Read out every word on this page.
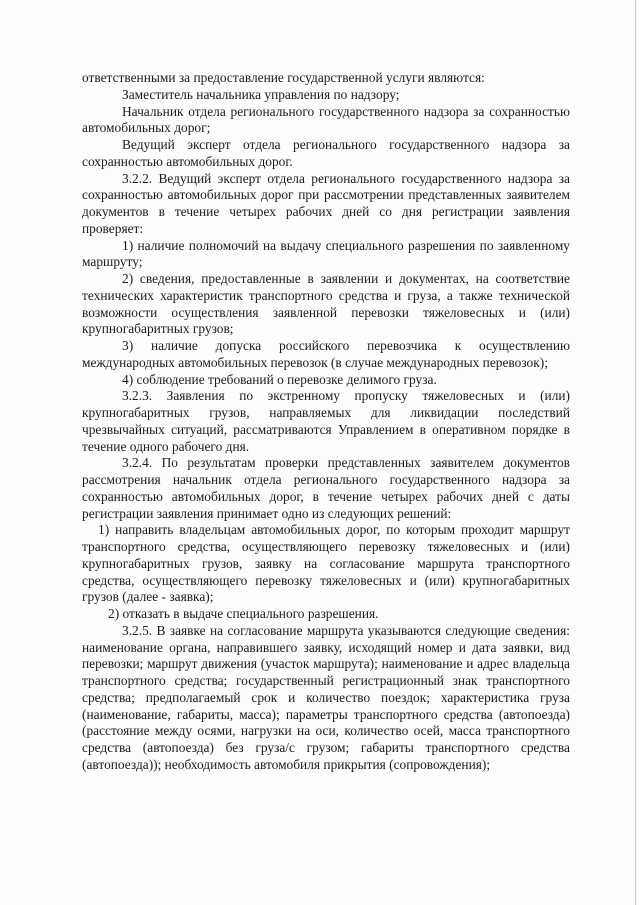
ответственными за предоставление государственной услуги являются:

Заместитель начальника управления по надзору;

Начальник отдела регионального государственного надзора за сохранностью автомобильных дорог;

Ведущий эксперт отдела регионального государственного надзора за сохранностью автомобильных дорог.

3.2.2. Ведущий эксперт отдела регионального государственного надзора за сохранностью автомобильных дорог при рассмотрении представленных заявителем документов в течение четырех рабочих дней со дня регистрации заявления проверяет:

1) наличие полномочий на выдачу специального разрешения по заявленному маршруту;

2) сведения, предоставленные в заявлении и документах, на соответствие технических характеристик транспортного средства и груза, а также технической возможности осуществления заявленной перевозки тяжеловесных и (или) крупногабаритных грузов;

3) наличие допуска российского перевозчика к осуществлению международных автомобильных перевозок (в случае международных перевозок);

4) соблюдение требований о перевозке делимого груза.

3.2.3. Заявления по экстренному пропуску тяжеловесных и (или) крупногабаритных грузов, направляемых для ликвидации последствий чрезвычайных ситуаций, рассматриваются Управлением в оперативном порядке в течение одного рабочего дня.

3.2.4. По результатам проверки представленных заявителем документов рассмотрения начальник отдела регионального государственного надзора за сохранностью автомобильных дорог, в течение четырех рабочих дней с даты регистрации заявления принимает одно из следующих решений:

1) направить владельцам автомобильных дорог, по которым проходит маршрут транспортного средства, осуществляющего перевозку тяжеловесных и (или) крупногабаритных грузов, заявку на согласование маршрута транспортного средства, осуществляющего перевозку тяжеловесных и (или) крупногабаритных грузов (далее - заявка);

2) отказать в выдаче специального разрешения.

3.2.5. В заявке на согласование маршрута указываются следующие сведения: наименование органа, направившего заявку, исходящий номер и дата заявки, вид перевозки; маршрут движения (участок маршрута); наименование и адрес владельца транспортного средства; государственный регистрационный знак транспортного средства; предполагаемый срок и количество поездок; характеристика груза (наименование, габариты, масса); параметры транспортного средства (автопоезда) (расстояние между осями, нагрузки на оси, количество осей, масса транспортного средства (автопоезда) без груза/с грузом; габариты транспортного средства (автопоезда)); необходимость автомобиля прикрытия (сопровождения);
